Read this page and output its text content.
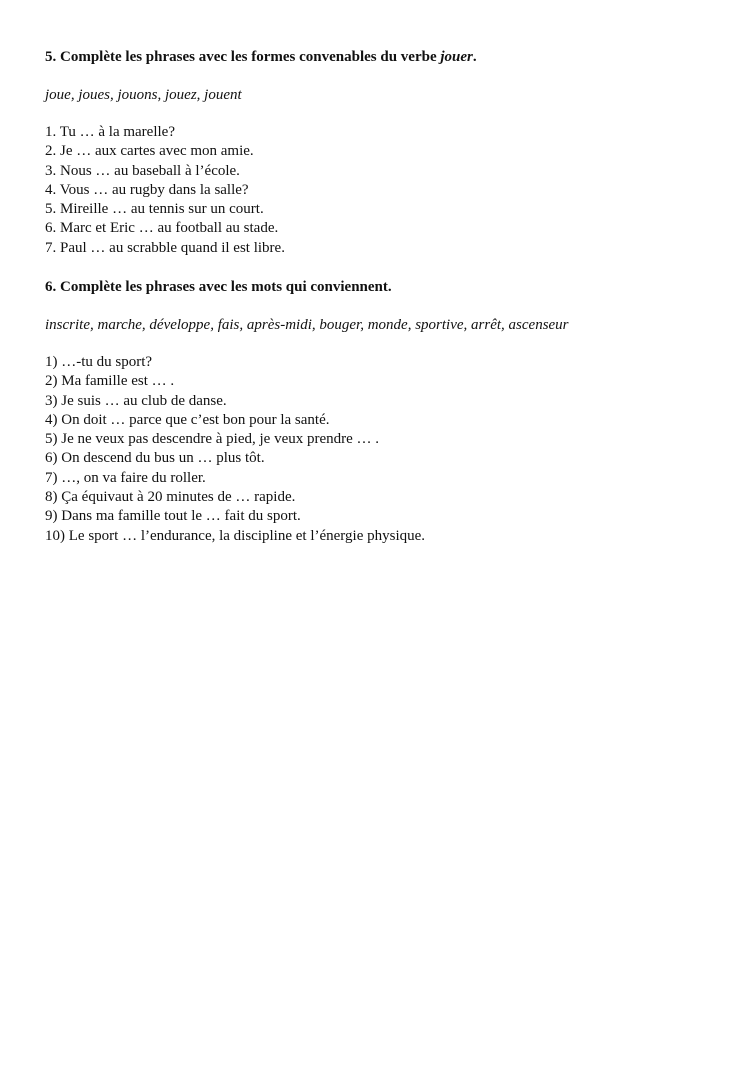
5. Complète les phrases avec les formes convenables du verbe jouer.

joue, joues, jouons, jouez, jouent
1. Tu … à la marelle?
2. Je … aux cartes avec mon amie.
3. Nous … au baseball à l’école.
4. Vous … au rugby dans la salle?
5. Mireille … au tennis sur un court.
6. Marc et Eric … au football au stade.
7. Paul … au scrabble quand il est libre.

6. Complète les phrases avec les mots qui conviennent.

inscrite, marche, développe, fais, après-midi, bouger, monde, sportive, arrêt, ascenseur
1) …-tu du sport?
2) Ma famille est … .
3) Je suis … au club de danse.
4) On doit … parce que c’est bon pour la santé.
5) Je ne veux pas descendre à pied, je veux prendre … .
6) On descend du bus un … plus tôt.
7) …, on va faire du roller.
8) Ça équivaut à 20 minutes de … rapide.
9) Dans ma famille tout le … fait du sport.
10) Le sport … l’endurance, la discipline et l’énergie physique.
